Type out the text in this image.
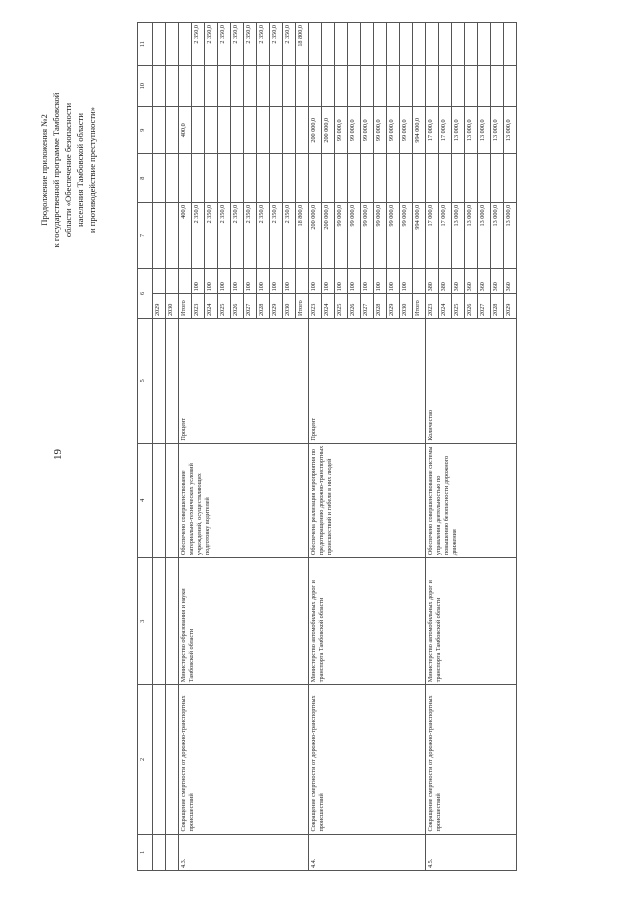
19
Продолжение приложения №2 к государственной программе Тамбовской области «Обеспечение безопасности населения Тамбовской области и противодействие преступности»
1	2	3	4	5	6		7	8	9	10	11
					2029						
					2030						
4.3.	Сокращение смертности от дорожно-транспортных происшествий	Министерство образования и науки Тамбовской области	Обеспечено совершенствование материально-технических условий учреждений, осуществляющих подготовку водителей	Процент	Итого		400,0		400,0		
					2023	100	2 350,0				2 350,0
					2024	100	2 350,0				2 350,0
					2025	100	2 350,0				2 350,0
					2026	100	2 350,0				2 350,0
					2027	100	2 350,0				2 350,0
					2028	100	2 350,0				2 350,0
					2029	100	2 350,0				2 350,0
					2030	100	2 350,0				2 350,0
					Итого		18 800,0				18 800,0
4.4.	Сокращение смертности от дорожно-транспортных происшествий	Министерство автомобильных дорог и транспорта Тамбовской области	Обеспечена реализация мероприятия по предотвращению дорожно-транспортных происшествий и гибели в них людей	Процент	2023	100	200 000,0		200 000,0		
					2024	100	200 000,0		200 000,0		
					2025	100	99 000,0		99 000,0		
					2026	100	99 000,0		99 000,0		
					2027	100	99 000,0		99 000,0		
					2028	100	99 000,0		99 000,0		
					2029	100	99 000,0		99 000,0		
					2030	100	99 000,0		99 000,0		
					Итого		994 000,0		994 000,0		
4.5.	Сокращение смертности от дорожно-транспортных происшествий	Министерство автомобильных дорог и транспорта Тамбовской области	Обеспечено совершенствование системы управления деятельностью по повышению безопасности дорожного движения	Количество	2023	380	17 000,0		17 000,0		
					2024	380	17 000,0		17 000,0		
					2025	360	13 000,0		13 000,0		
					2026	360	13 000,0		13 000,0		
					2027	360	13 000,0		13 000,0		
					2028	360	13 000,0		13 000,0		
					2029	360	13 000,0		13 000,0		
